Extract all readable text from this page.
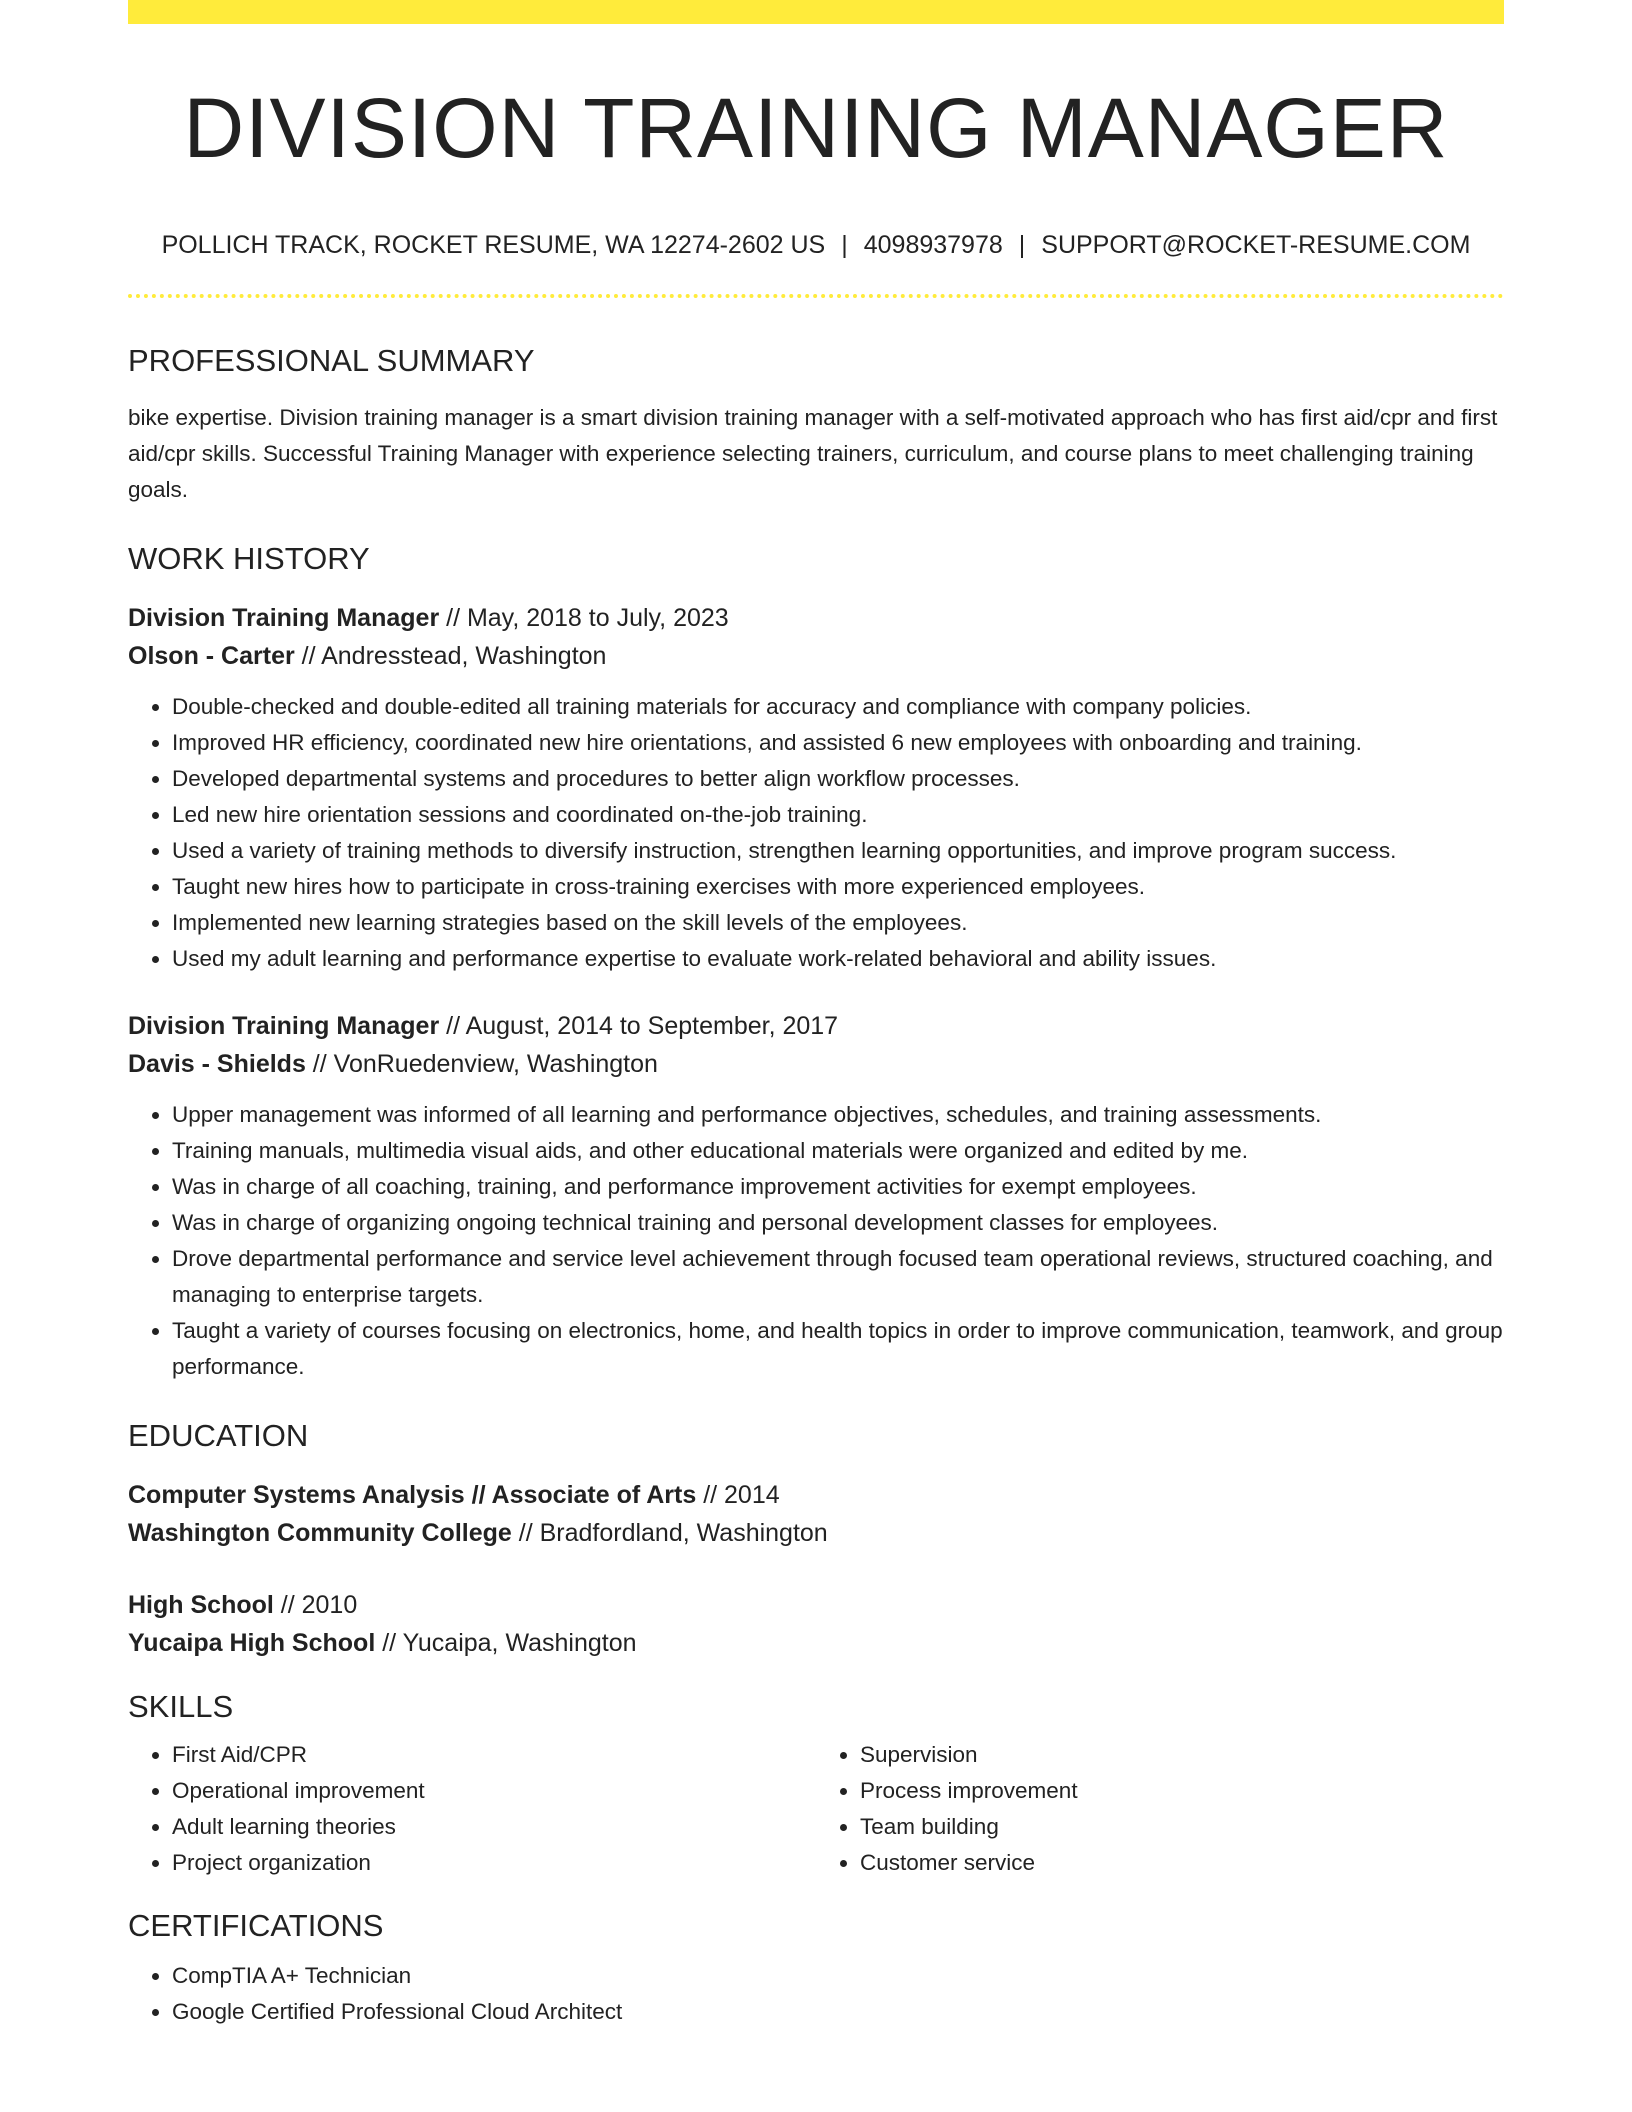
DIVISION TRAINING MANAGER
POLLICH TRACK, ROCKET RESUME, WA 12274-2602 US | 4098937978 | SUPPORT@ROCKET-RESUME.COM
PROFESSIONAL SUMMARY
bike expertise. Division training manager is a smart division training manager with a self-motivated approach who has first aid/cpr and first aid/cpr skills. Successful Training Manager with experience selecting trainers, curriculum, and course plans to meet challenging training goals.
WORK HISTORY
Division Training Manager // May, 2018 to July, 2023
Olson - Carter // Andresstead, Washington
• Double-checked and double-edited all training materials for accuracy and compliance with company policies.
• Improved HR efficiency, coordinated new hire orientations, and assisted 6 new employees with onboarding and training.
• Developed departmental systems and procedures to better align workflow processes.
• Led new hire orientation sessions and coordinated on-the-job training.
• Used a variety of training methods to diversify instruction, strengthen learning opportunities, and improve program success.
• Taught new hires how to participate in cross-training exercises with more experienced employees.
• Implemented new learning strategies based on the skill levels of the employees.
• Used my adult learning and performance expertise to evaluate work-related behavioral and ability issues.
Division Training Manager // August, 2014 to September, 2017
Davis - Shields // VonRuedenview, Washington
• Upper management was informed of all learning and performance objectives, schedules, and training assessments.
• Training manuals, multimedia visual aids, and other educational materials were organized and edited by me.
• Was in charge of all coaching, training, and performance improvement activities for exempt employees.
• Was in charge of organizing ongoing technical training and personal development classes for employees.
• Drove departmental performance and service level achievement through focused team operational reviews, structured coaching, and managing to enterprise targets.
• Taught a variety of courses focusing on electronics, home, and health topics in order to improve communication, teamwork, and group performance.
EDUCATION
Computer Systems Analysis // Associate of Arts // 2014
Washington Community College // Bradfordland, Washington
High School // 2010
Yucaipa High School // Yucaipa, Washington
SKILLS
• First Aid/CPR
• Operational improvement
• Adult learning theories
• Project organization
• Supervision
• Process improvement
• Team building
• Customer service
CERTIFICATIONS
• CompTIA A+ Technician
• Google Certified Professional Cloud Architect
